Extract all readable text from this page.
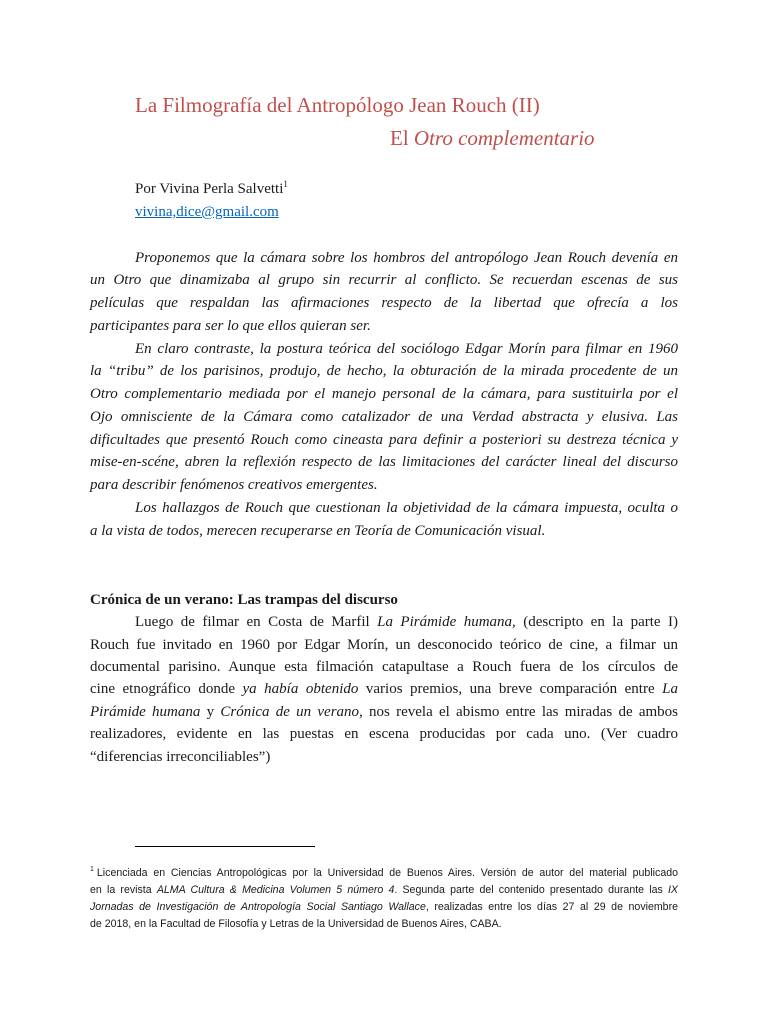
La Filmografía del Antropólogo Jean Rouch (II)
El Otro complementario
Por Vivina Perla Salvetti$^1$
vivina,dice@gmail.com
Proponemos que la cámara sobre los hombros del antropólogo Jean Rouch devenía en
un Otro que dinamizaba al grupo sin recurrir al conflicto. Se recuerdan escenas de sus
películas que respaldan las afirmaciones respecto de la libertad que ofrecía a los
participantes para ser lo que ellos quieran ser.
En claro contraste, la postura teórica del sociólogo Edgar Morín para filmar en 1960
la “tribu” de los parisinos, produjo, de hecho, la obturación de la mirada procedente de un
Otro complementario mediada por el manejo personal de la cámara, para sustituirla por el
Ojo omnisciente de la Cámara como catalizador de una Verdad abstracta y elusiva. Las
dificultades que presentó Rouch como cineasta para definir a posteriori su destreza técnica y
mise-en-scéne, abren la reflexión respecto de las limitaciones del carácter lineal del discurso
para describir fenómenos creativos emergentes.
Los hallazgos de Rouch que cuestionan la objetividad de la cámara impuesta, oculta o
a la vista de todos, merecen recuperarse en Teoría de Comunicación visual.
Crónica de un verano: Las trampas del discurso
Luego de filmar en Costa de Marfil La Pirámide humana, (descripto en la parte I)
Rouch fue invitado en 1960 por Edgar Morín, un desconocido teórico de cine, a filmar un
documental parisino. Aunque esta filmación catapultase a Rouch fuera de los círculos de
cine etnográfico donde ya había obtenido varios premios, una breve comparación entre La
Pirámide humana y Crónica de un verano, nos revela el abismo entre las miradas de ambos
realizadores, evidente en las puestas en escena producidas por cada uno. (Ver cuadro
“diferencias irreconciliables”)
$^1$ Licenciada en Ciencias Antropológicas por la Universidad de Buenos Aires. Versión de autor del material publicado
en la revista ALMA Cultura & Medicina Volumen 5 número 4. Segunda parte del contenido presentado durante las IX
Jornadas de Investigación de Antropología Social Santiago Wallace, realizadas entre los días 27 al 29 de noviembre
de 2018, en la Facultad de Filosofía y Letras de la Universidad de Buenos Aires, CABA.
